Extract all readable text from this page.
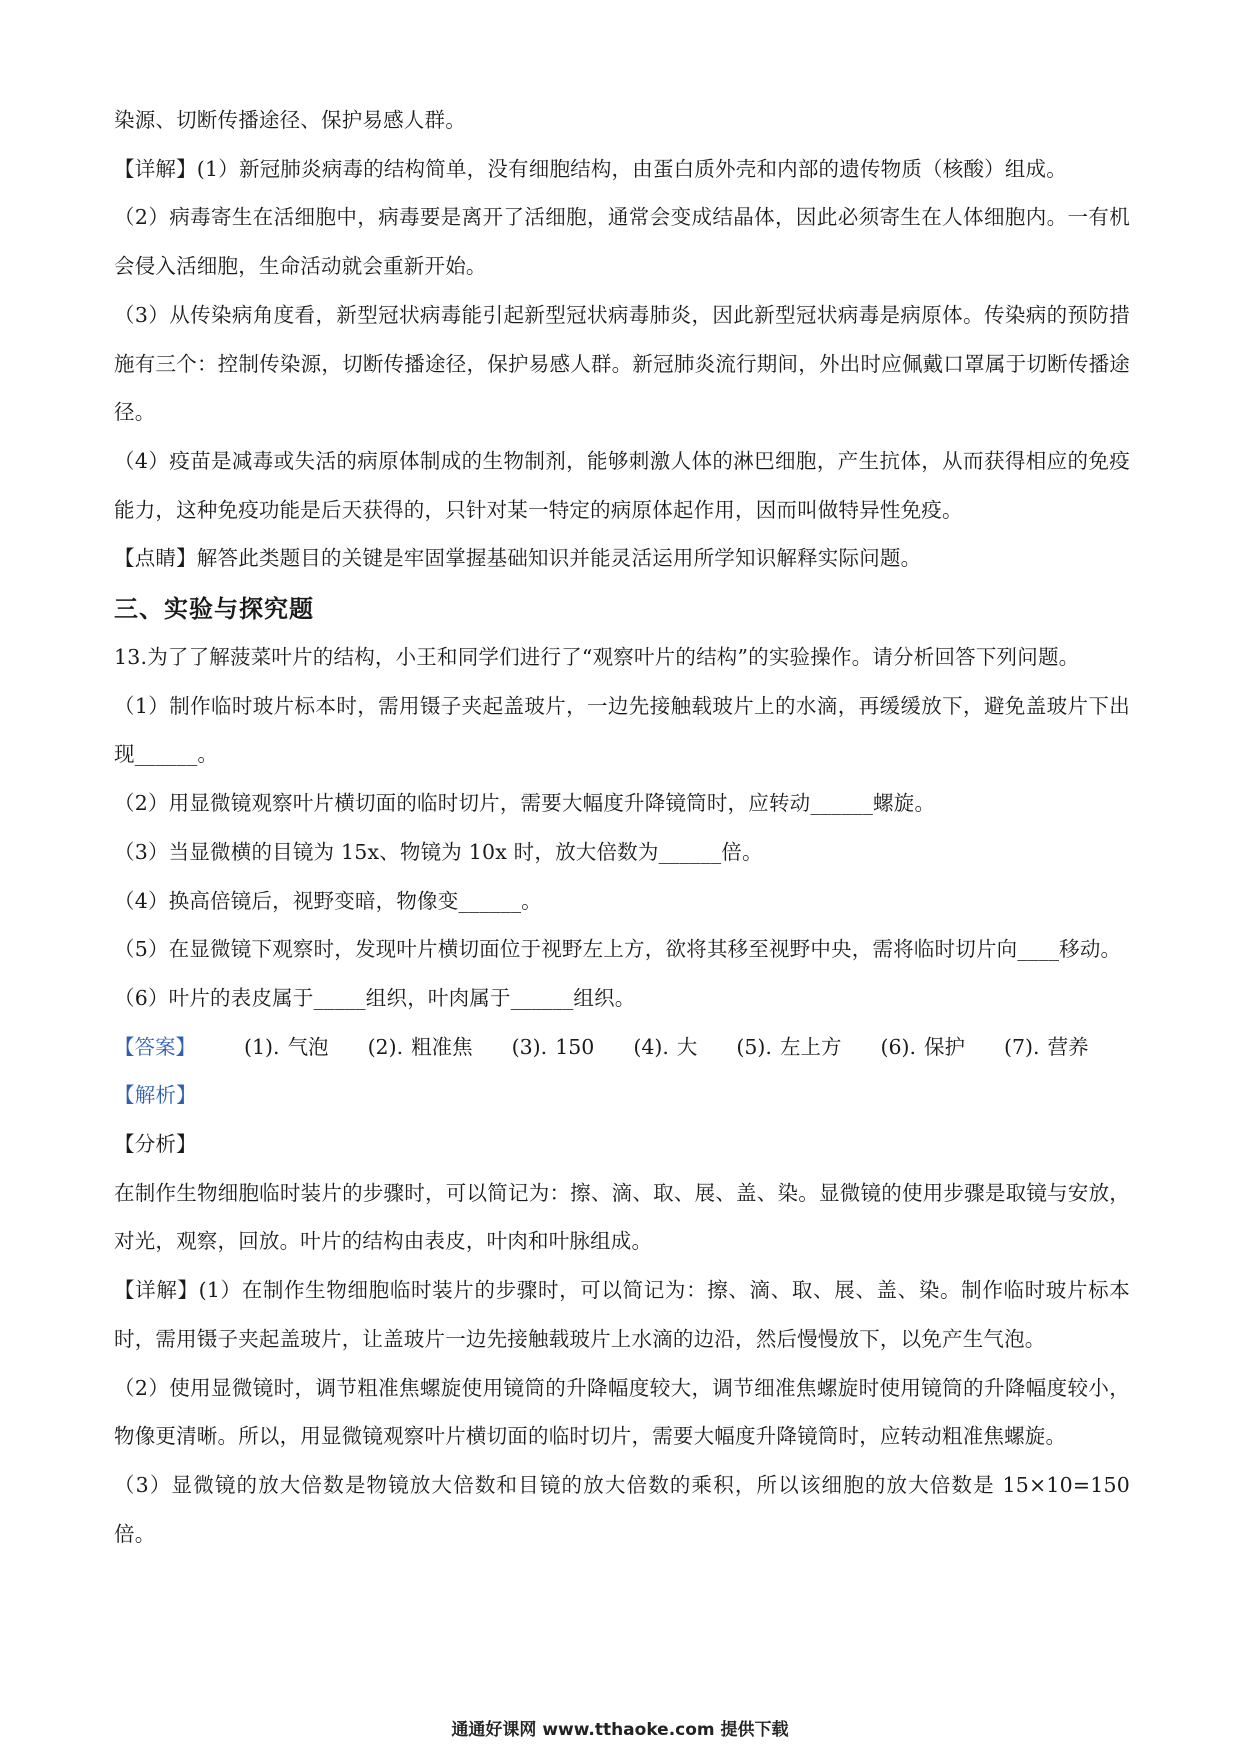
染源、切断传播途径、保护易感人群。

【详解】(1）新冠肺炎病毒的结构简单，没有细胞结构，由蛋白质外壳和内部的遗传物质（核酸）组成。

（2）病毒寄生在活细胞中，病毒要是离开了活细胞，通常会变成结晶体，因此必须寄生在人体细胞内。一有机会侵入活细胞，生命活动就会重新开始。

（3）从传染病角度看，新型冠状病毒能引起新型冠状病毒肺炎，因此新型冠状病毒是病原体。传染病的预防措施有三个：控制传染源，切断传播途径，保护易感人群。新冠肺炎流行期间，外出时应佩戴口罩属于切断传播途径。

（4）疫苗是减毒或失活的病原体制成的生物制剂，能够刺激人体的淋巴细胞，产生抗体，从而获得相应的免疫能力，这种免疫功能是后天获得的，只针对某一特定的病原体起作用，因而叫做特异性免疫。

【点睛】解答此类题目的关键是牢固掌握基础知识并能灵活运用所学知识解释实际问题。

三、实验与探究题

13.为了了解菠菜叶片的结构，小王和同学们进行了“观察叶片的结构”的实验操作。请分析回答下列问题。

（1）制作临时玻片标本时，需用镊子夹起盖玻片，一边先接触载玻片上的水滴，再缓缓放下，避免盖玻片下出现______。

（2）用显微镜观察叶片横切面的临时切片，需要大幅度升降镜筒时，应转动______螺旋。

（3）当显微横的目镜为 15x、物镜为 10x 时，放大倍数为______倍。

（4）换高倍镜后，视野变暗，物像变______。

（5）在显微镜下观察时，发现叶片横切面位于视野左上方，欲将其移至视野中央，需将临时切片向____移动。

（6）叶片的表皮属于_____组织，叶肉属于______组织。

【答案】	(1). 气泡 (2). 粗准焦 (3). 150 (4). 大 (5). 左上方 (6). 保护 (7). 营养

【解析】

【分析】

在制作生物细胞临时装片的步骤时，可以简记为：擦、滴、取、展、盖、染。显微镜的使用步骤是取镜与安放，对光，观察，回放。叶片的结构由表皮，叶肉和叶脉组成。

【详解】(1）在制作生物细胞临时装片的步骤时，可以简记为：擦、滴、取、展、盖、染。制作临时玻片标本时，需用镊子夹起盖玻片，让盖玻片一边先接触载玻片上水滴的边沿，然后慢慢放下，以免产生气泡。

（2）使用显微镜时，调节粗准焦螺旋使用镜筒的升降幅度较大，调节细准焦螺旋时使用镜筒的升降幅度较小，物像更清晰。所以，用显微镜观察叶片横切面的临时切片，需要大幅度升降镜筒时，应转动粗准焦螺旋。

（3）显微镜的放大倍数是物镜放大倍数和目镜的放大倍数的乘积，所以该细胞的放大倍数是 15×10=150 倍。

通通好课网 www.tthaoke.com 提供下载
